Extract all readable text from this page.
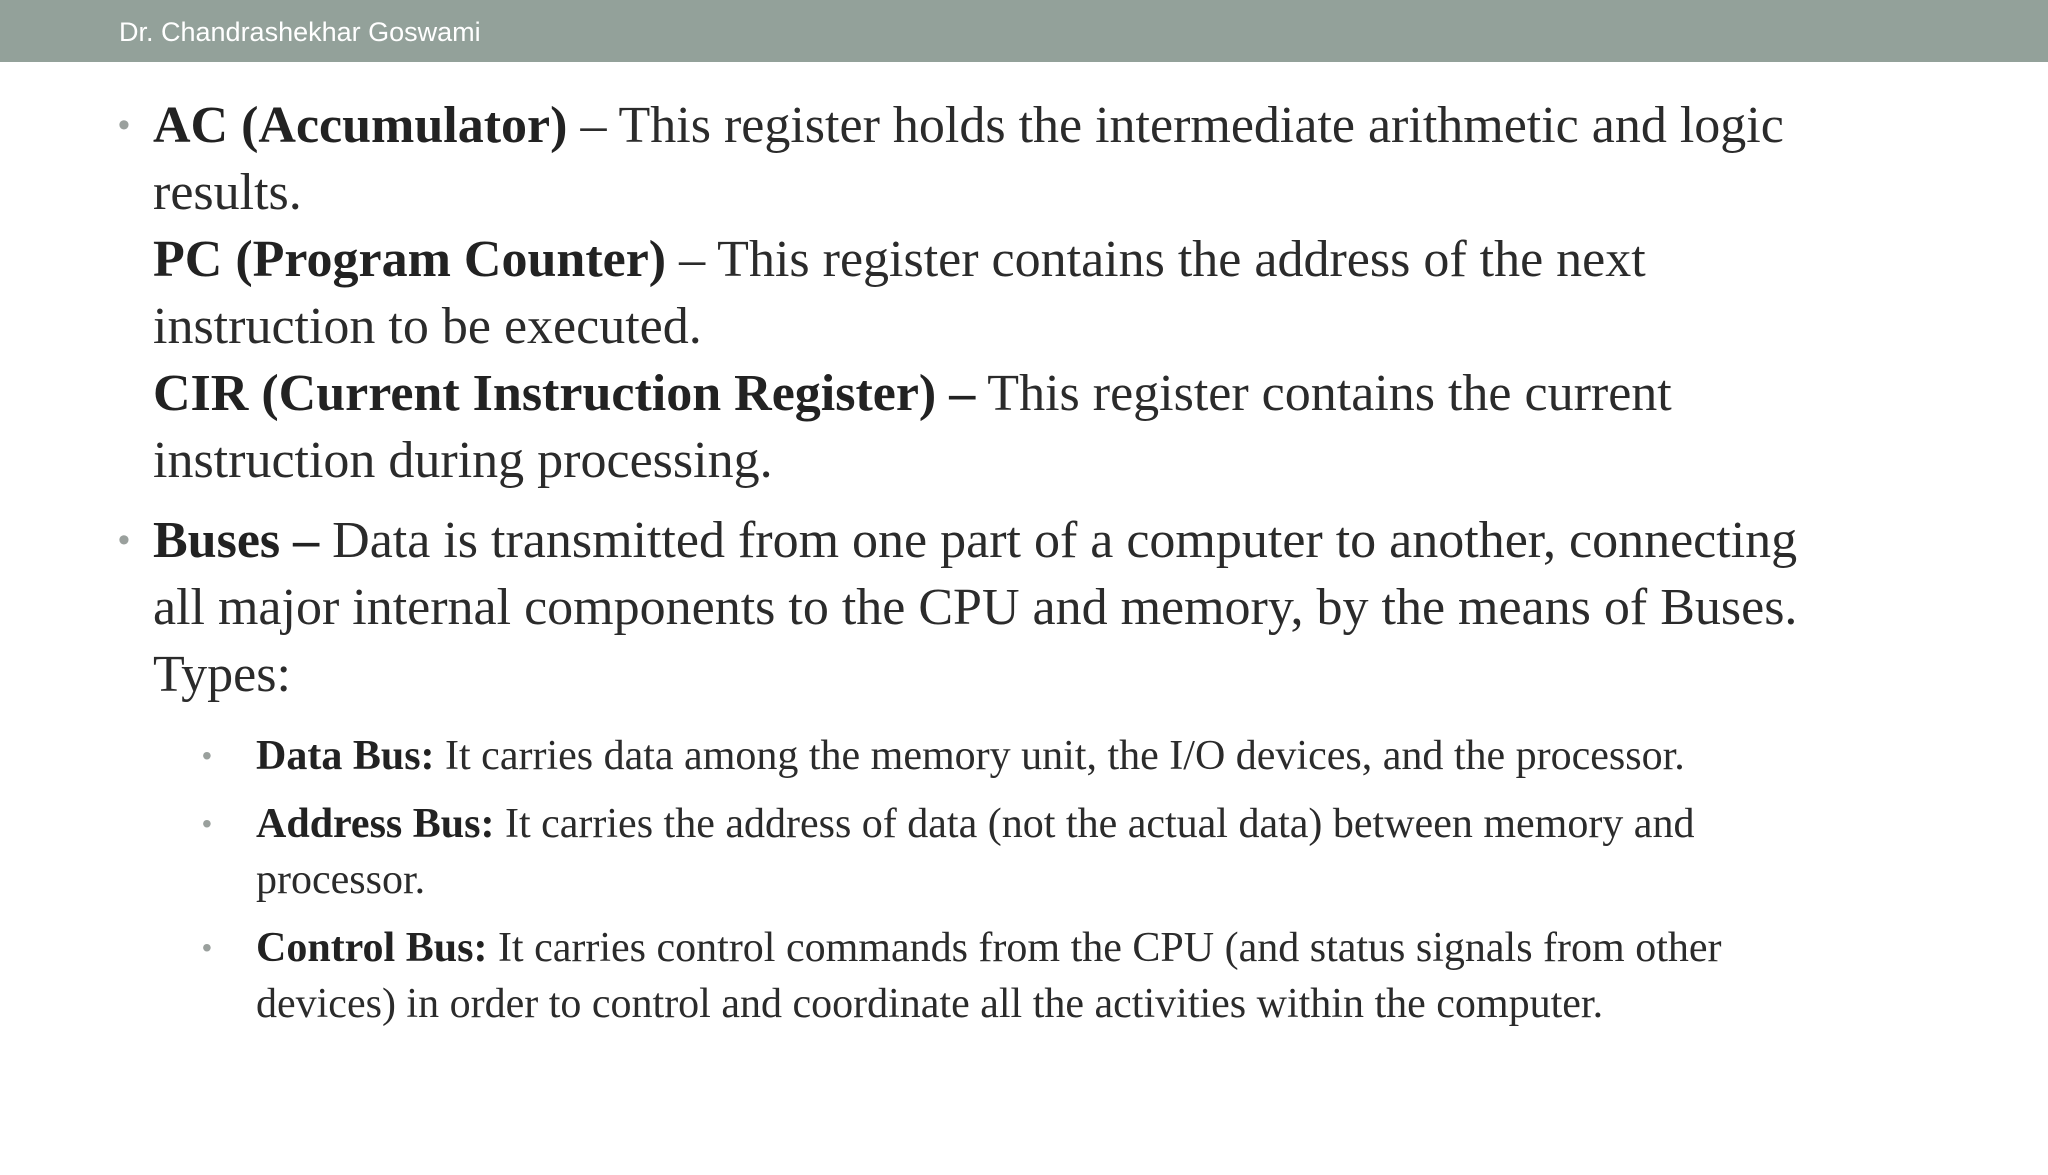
Dr. Chandrashekhar Goswami
• AC (Accumulator) – This register holds the intermediate arithmetic and logic
results.
PC (Program Counter) – This register contains the address of the next
instruction to be executed.
CIR (Current Instruction Register) – This register contains the current
instruction during processing.
• Buses – Data is transmitted from one part of a computer to another, connecting
all major internal components to the CPU and memory, by the means of Buses.
Types:
• Data Bus: It carries data among the memory unit, the I/O devices, and the processor.
• Address Bus: It carries the address of data (not the actual data) between memory and
processor.
• Control Bus: It carries control commands from the CPU (and status signals from other
devices) in order to control and coordinate all the activities within the computer.
